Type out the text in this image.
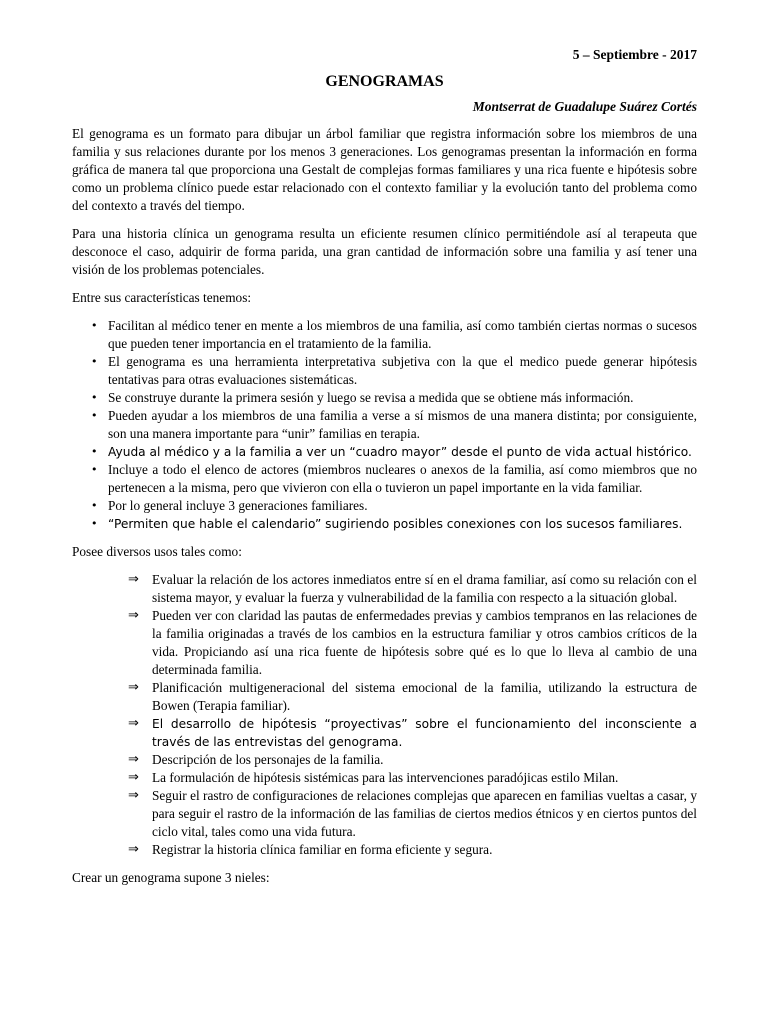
5 – Septiembre - 2017

GENOGRAMAS

Montserrat de Guadalupe Suárez Cortés

El genograma es un formato para dibujar un árbol familiar que registra información sobre los miembros de una familia y sus relaciones durante por los menos 3 generaciones. Los genogramas presentan la información en forma gráfica de manera tal que proporciona una Gestalt de complejas formas familiares y una rica fuente e hipótesis sobre como un problema clínico puede estar relacionado con el contexto familiar y la evolución tanto del problema como del contexto a través del tiempo.

Para una historia clínica un genograma resulta un eficiente resumen clínico permitiéndole así al terapeuta que desconoce el caso, adquirir de forma parida, una gran cantidad de información sobre una familia y así tener una visión de los problemas potenciales.

Entre sus características tenemos:

• Facilitan al médico tener en mente a los miembros de una familia, así como también ciertas normas o sucesos que pueden tener importancia en el tratamiento de la familia.
• El genograma es una herramienta interpretativa subjetiva con la que el medico puede generar hipótesis tentativas para otras evaluaciones sistemáticas.
• Se construye durante la primera sesión y luego se revisa a medida que se obtiene más información.
• Pueden ayudar a los miembros de una familia a verse a sí mismos de una manera distinta; por consiguiente, son una manera importante para “unir” familias en terapia.
• Ayuda al médico y a la familia a ver un “cuadro mayor” desde el punto de vida actual histórico.
• Incluye a todo el elenco de actores (miembros nucleares o anexos de la familia, así como miembros que no pertenecen a la misma, pero que vivieron con ella o tuvieron un papel importante en la vida familiar.
• Por lo general incluye 3 generaciones familiares.
• “Permiten que hable el calendario” sugiriendo posibles conexiones con los sucesos familiares.

Posee diversos usos tales como:

⇒ Evaluar la relación de los actores inmediatos entre sí en el drama familiar, así como su relación con el sistema mayor, y evaluar la fuerza y vulnerabilidad de la familia con respecto a la situación global.
⇒ Pueden ver con claridad las pautas de enfermedades previas y cambios tempranos en las relaciones de la familia originadas a través de los cambios en la estructura familiar y otros cambios críticos de la vida. Propiciando así una rica fuente de hipótesis sobre qué es lo que lo lleva al cambio de una determinada familia.
⇒ Planificación multigeneracional del sistema emocional de la familia, utilizando la estructura de Bowen (Terapia familiar).
⇒	El desarrollo de hipótesis “proyectivas” sobre el funcionamiento del inconsciente a través de las entrevistas del genograma.
⇒ Descripción de los personajes de la familia.
⇒ La formulación de hipótesis sistémicas para las intervenciones paradójicas estilo Milan.
⇒ Seguir el rastro de configuraciones de relaciones complejas que aparecen en familias vueltas a casar, y para seguir el rastro de la información de las familias de ciertos medios étnicos y en ciertos puntos del ciclo vital, tales como una vida futura.
⇒ Registrar la historia clínica familiar en forma eficiente y segura.

Crear un genograma supone 3 nieles:
